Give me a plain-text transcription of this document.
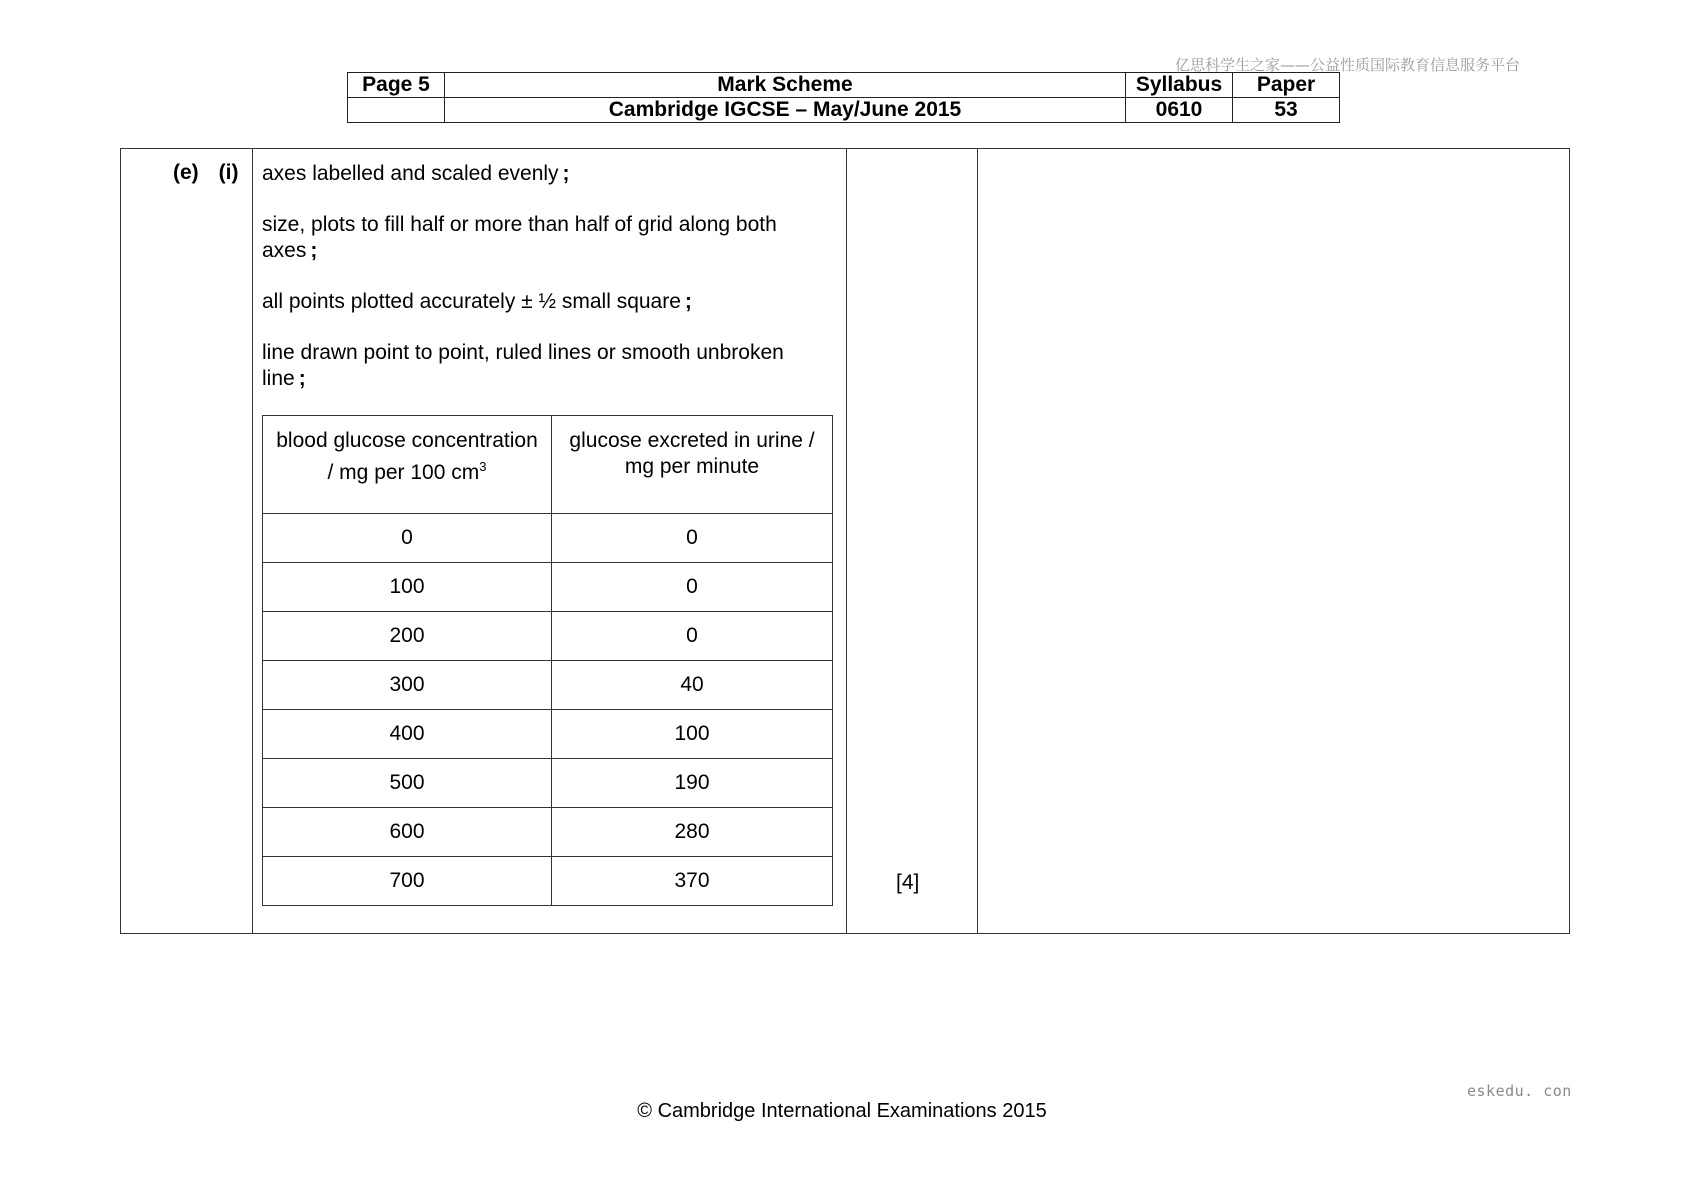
亿思科学生之家——公益性质国际教育信息服务平台
Page 5	Mark Scheme	Syllabus	Paper
	Cambridge IGCSE – May/June 2015	0610	53
(e) (i) axes labelled and scaled evenly ;

size, plots to fill half or more than half of grid along both axes ;

all points plotted accurately ± ½ small square ;

line drawn point to point, ruled lines or smooth unbroken line ;

blood glucose concentration / mg per 100 $cm^3$	glucose excreted in urine / mg per minute
0	0
100	0
200	0
300	40
400	100
500	190
600	280
700	370	[4]
eskedu. con
© Cambridge International Examinations 2015
